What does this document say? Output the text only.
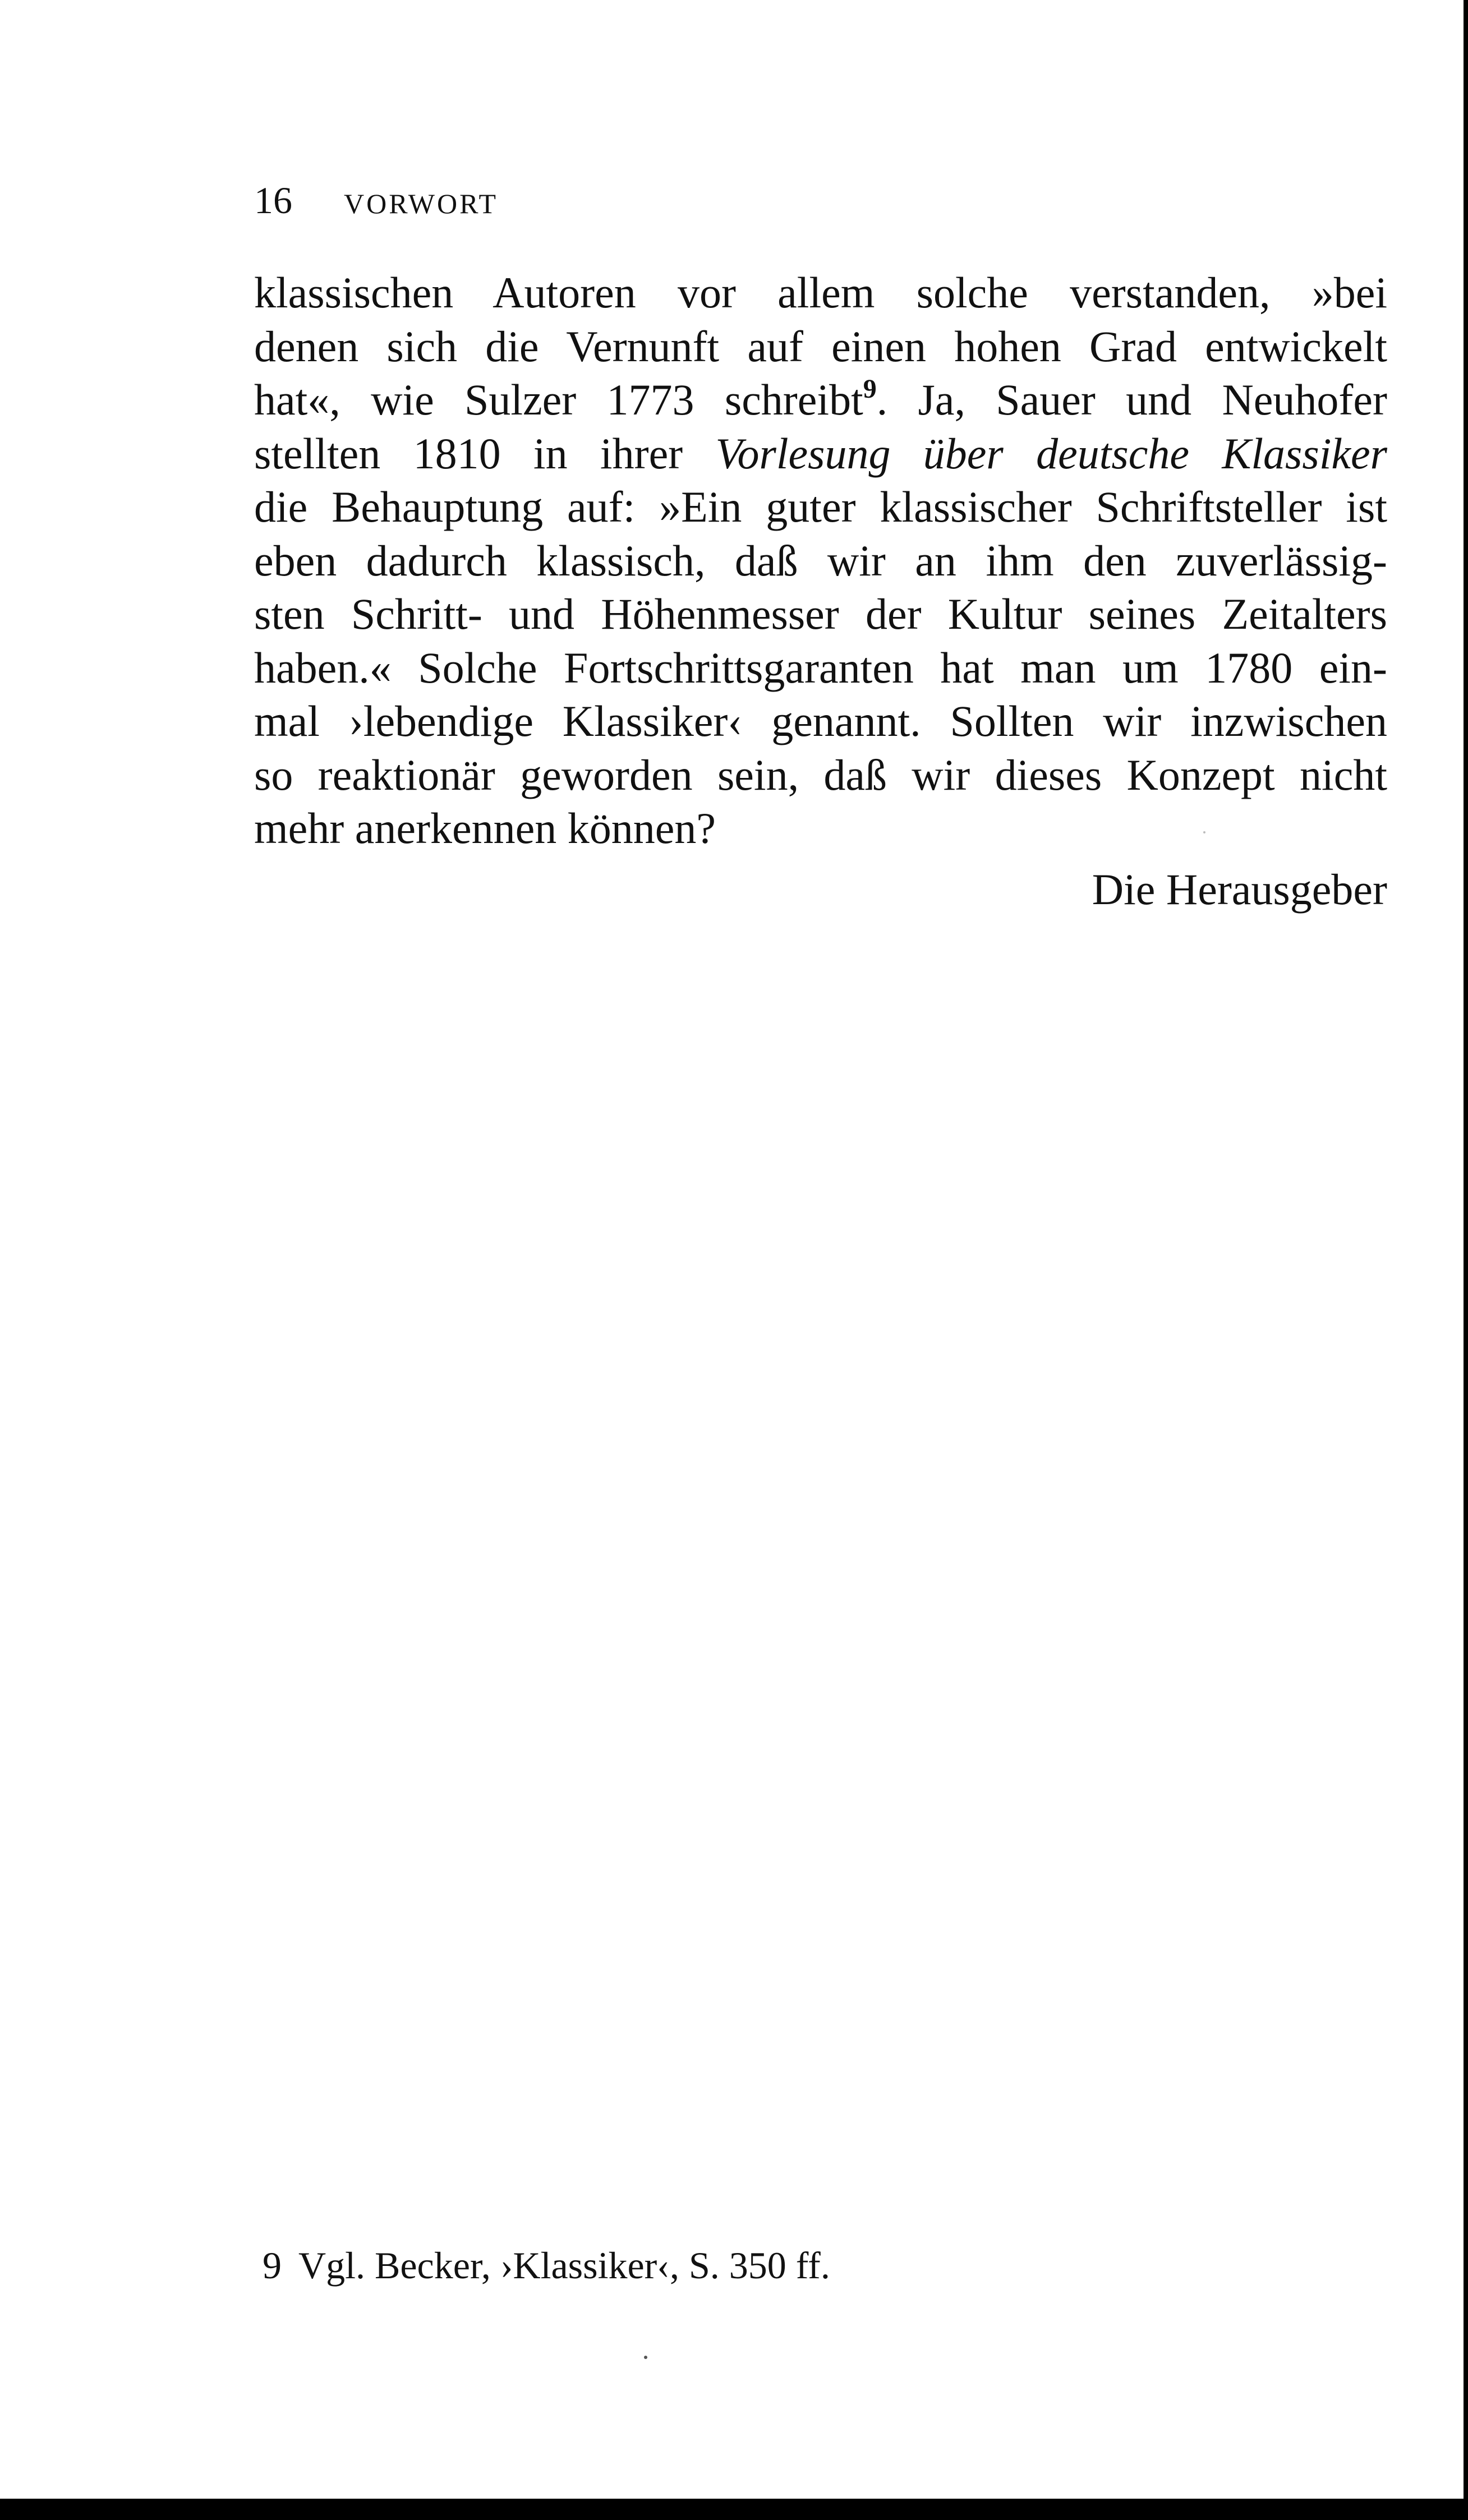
16 VORWORT
klassischen Autoren vor allem solche verstanden, »bei
denen sich die Vernunft auf einen hohen Grad entwickelt
hat«, wie Sulzer 1773 schreibt$^9$. Ja, Sauer und Neuhofer
stellten 1810 in ihrer Vorlesung über deutsche Klassiker
die Behauptung auf: »Ein guter klassischer Schriftsteller ist
eben dadurch klassisch, daß wir an ihm den zuverlässig-
sten Schritt- und Höhenmesser der Kultur seines Zeitalters
haben.« Solche Fortschrittsgaranten hat man um 1780 ein-
mal ›lebendige Klassiker‹ genannt. Sollten wir inzwischen
so reaktionär geworden sein, daß wir dieses Konzept nicht
mehr anerkennen können?
Die Herausgeber
9 Vgl. Becker, ›Klassiker‹, S. 350 ff.
